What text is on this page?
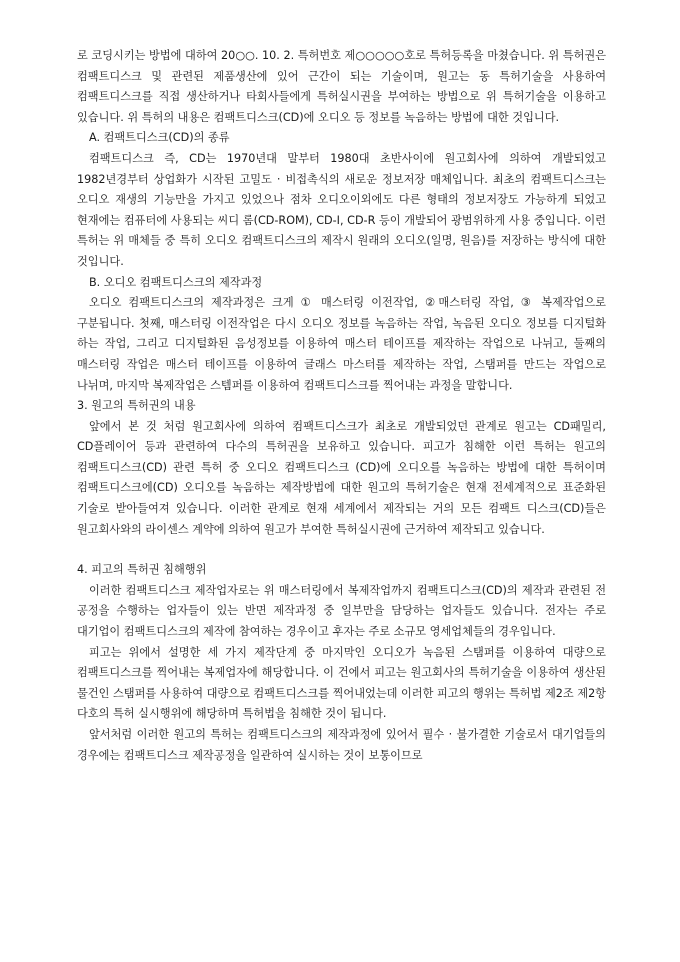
로 코딩시키는 방법에 대하여 20○○. 10. 2. 특허번호 제○○○○○호로 특허등록을 마쳤습니다. 위 특허권은 컴팩트디스크 및 관련된 제품생산에 있어 근간이 되는 기술이며, 원고는 동 특허기술을 사용하여 컴팩트디스크를 직접 생산하거나 타회사들에게 특허실시권을 부여하는 방법으로 위 특허기술을 이용하고 있습니다. 위 특허의 내용은 컴팩트디스크(CD)에 오디오 등 정보를 녹음하는 방법에 대한 것입니다.

A. 컴팩트디스크(CD)의 종류

컴팩트디스크 즉, CD는 1970년대 말부터 1980대 초반사이에 원고회사에 의하여 개발되었고 1982년경부터 상업화가 시작된 고밀도 · 비접촉식의 새로운 정보저장 매체입니다. 최초의 컴팩트디스크는 오디오 재생의 기능만을 가지고 있었으나 점차 오디오이외에도 다른 형태의 정보저장도 가능하게 되었고 현재에는 컴퓨터에 사용되는 씨디 롬(CD-ROM), CD-I, CD-R 등이 개발되어 광범위하게 사용 중입니다. 이런 특허는 위 매체들 중 특히 오디오 컴팩트디스크의 제작시 원래의 오디오(일명, 원음)를 저장하는 방식에 대한 것입니다.

B. 오디오 컴팩트디스크의 제작과정

오디오 컴팩트디스크의 제작과정은 크게 ① 매스터링 이전작업, ②매스터링 작업, ③ 복제작업으로 구분됩니다. 첫째, 매스터링 이전작업은 다시 오디오 정보를 녹음하는 작업, 녹음된 오디오 정보를 디지털화 하는 작업, 그리고 디지털화된 음성정보를 이용하여 매스터 테이프를 제작하는 작업으로 나뉘고, 둘째의 매스터링 작업은 매스터 테이프를 이용하여 글래스 마스터를 제작하는 작업, 스탬퍼를 만드는 작업으로 나뉘며, 마지막 복제작업은 스템퍼를 이용하여 컴팩트디스크를 찍어내는 과정을 말합니다.

3. 원고의 특허권의 내용

앞에서 본 것 처럼 원고회사에 의하여 컴팩트디스크가 최초로 개발되었던 관계로 원고는 CD패밀리, CD플레이어 등과 관련하여 다수의 특허권을 보유하고 있습니다. 피고가 침해한 이런 특허는 원고의 컴팩트디스크(CD) 관련 특허 중 오디오 컴팩트디스크 (CD)에 오디오를 녹음하는 방법에 대한 특허이며 컴팩트디스크에(CD) 오디오를 녹음하는 제작방법에 대한 원고의 특허기술은 현재 전세계적으로 표준화된 기술로 받아들여져 있습니다. 이러한 관계로 현재 세계에서 제작되는 거의 모든 컴팩트 디스크(CD)들은 원고회사와의 라이센스 계약에 의하여 원고가 부여한 특허실시권에 근거하여 제작되고 있습니다.

4. 피고의 특허권 침해행위

이러한 컴팩트디스크 제작업자로는 위 매스터링에서 복제작업까지 컴팩트디스크(CD)의 제작과 관련된 전 공정을 수행하는 업자들이 있는 반면 제작과정 중 일부만을 담당하는 업자들도 있습니다. 전자는 주로 대기업이 컴팩트디스크의 제작에 참여하는 경우이고 후자는 주로 소규모 영세업체들의 경우입니다.

피고는 위에서 설명한 세 가지 제작단계 중 마지막인 오디오가 녹음된 스탬퍼를 이용하여 대량으로 컴팩트디스크를 찍어내는 복제업자에 해당합니다. 이 건에서 피고는 원고회사의 특허기술을 이용하여 생산된 물건인 스탬퍼를 사용하여 대량으로 컴팩트디스크를 찍어내었는데 이러한 피고의 행위는 특허법 제2조 제2항 다호의 특허 실시행위에 해당하며 특허법을 침해한 것이 됩니다.

앞서처럼 이러한 원고의 특허는 컴팩트디스크의 제작과정에 있어서 필수 · 불가결한 기술로서 대기업들의 경우에는 컴팩트디스크 제작공정을 일관하여 실시하는 것이 보통이므로
